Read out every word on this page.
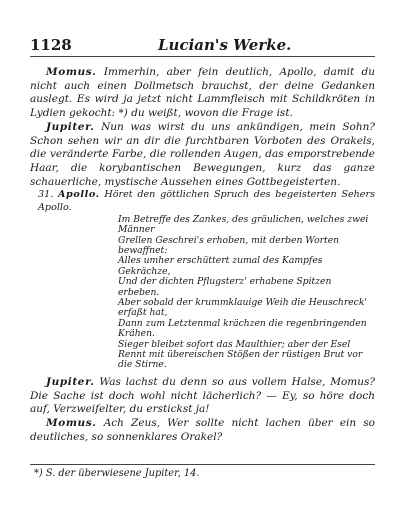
1128	Lucian's Werke.

Momus. Immerhin, aber fein deutlich, Apollo, damit du nicht auch einen Dollmetsch brauchst, der deine Gedanken auslegt. Es wird ja jetzt nicht Lammfleisch mit Schildkröten in Lydien gekocht: *) du weißt, wovon die Frage ist.

Jupiter. Nun was wirst du uns ankündigen, mein Sohn? Schon sehen wir an dir die furchtbaren Vorboten des Orakels, die veränderte Farbe, die rollenden Augen, das emporstrebende Haar, die korybantischen Bewegungen, kurz das ganze schauerliche, mystische Aussehen eines Gottbegeisterten.

31. Apollo. Höret den göttlichen Spruch des begeisterten Sehers Apollo.

Im Betreffe des Zankes, des gräulichen, welches zwei Männer

Grellen Geschrei's erhoben, mit derben Worten bewaffnet:

Alles umher erschüttert zumal des Kampfes Gekrächze,

Und der dichten Pflugsterz' erhabene Spitzen erbeben.

Aber sobald der krummklauige Weih die Heuschreck' erfaßt hat,

Dann zum Letztenmal krächzen die regenbringenden Krähen.

Sieger bleibet sofort das Maulthier; aber der Esel

Rennt mit übereischen Stößen der rüstigen Brut vor die Stirne.

Jupiter. Was lachst du denn so aus vollem Halse, Momus? Die Sache ist doch wohl nicht lächerlich? — Ey, so höre doch auf, Verzweifelter, du erstickst ja!

Momus. Ach Zeus, Wer sollte nicht lachen über ein so deutliches, so sonnenklares Orakel?

*) S. der überwiesene Jupiter, 14.
